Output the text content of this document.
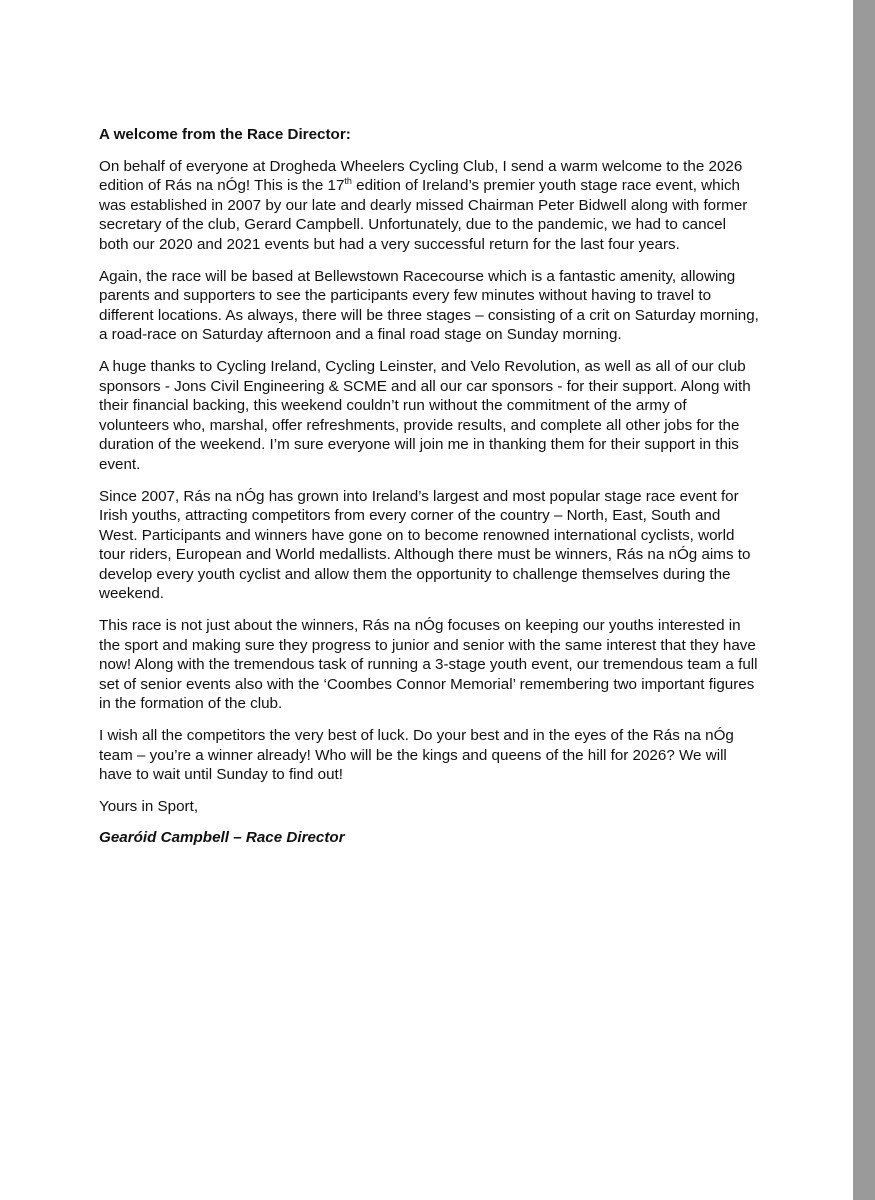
A welcome from the Race Director:

On behalf of everyone at Drogheda Wheelers Cycling Club, I send a warm welcome to the 2026 edition of Rás na nÓg! This is the 17th edition of Ireland’s premier youth stage race event, which was established in 2007 by our late and dearly missed Chairman Peter Bidwell along with former secretary of the club, Gerard Campbell. Unfortunately, due to the pandemic, we had to cancel both our 2020 and 2021 events but had a very successful return for the last four years.

Again, the race will be based at Bellewstown Racecourse which is a fantastic amenity, allowing parents and supporters to see the participants every few minutes without having to travel to different locations. As always, there will be three stages – consisting of a crit on Saturday morning, a road-race on Saturday afternoon and a final road stage on Sunday morning.

A huge thanks to Cycling Ireland, Cycling Leinster, and Velo Revolution, as well as all of our club sponsors - Jons Civil Engineering & SCME and all our car sponsors - for their support. Along with their financial backing, this weekend couldn’t run without the commitment of the army of volunteers who, marshal, offer refreshments, provide results, and complete all other jobs for the duration of the weekend. I’m sure everyone will join me in thanking them for their support in this event.

Since 2007, Rás na nÓg has grown into Ireland’s largest and most popular stage race event for Irish youths, attracting competitors from every corner of the country – North, East, South and West. Participants and winners have gone on to become renowned international cyclists, world tour riders, European and World medallists. Although there must be winners, Rás na nÓg aims to develop every youth cyclist and allow them the opportunity to challenge themselves during the weekend.

This race is not just about the winners, Rás na nÓg focuses on keeping our youths interested in the sport and making sure they progress to junior and senior with the same interest that they have now! Along with the tremendous task of running a 3-stage youth event, our tremendous team a full set of senior events also with the ‘Coombes Connor Memorial’ remembering two important figures in the formation of the club.

I wish all the competitors the very best of luck. Do your best and in the eyes of the Rás na nÓg team – you’re a winner already! Who will be the kings and queens of the hill for 2026? We will have to wait until Sunday to find out!

Yours in Sport,

Gearóid Campbell – Race Director
